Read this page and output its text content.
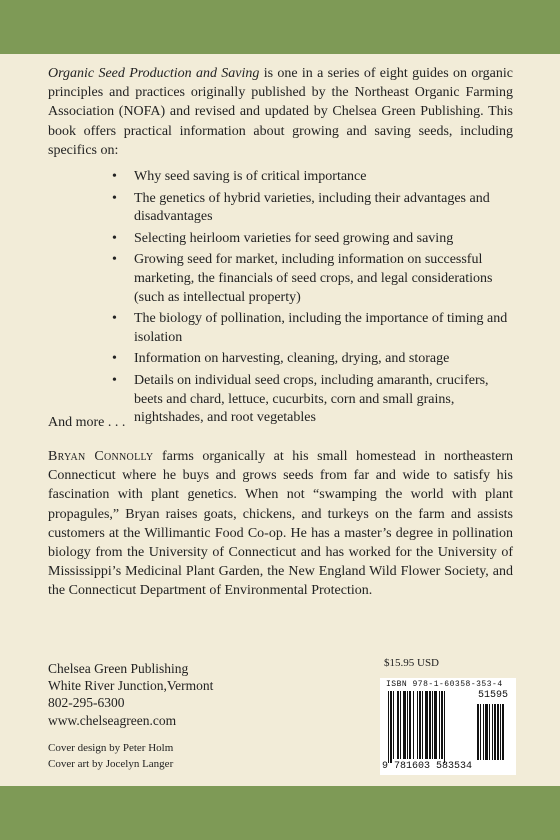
Organic Seed Production and Saving is one in a series of eight guides on organic principles and practices originally published by the Northeast Organic Farming Association (NOFA) and revised and updated by Chelsea Green Publishing. This book offers practical information about growing and saving seeds, including specifics on:

• Why seed saving is of critical importance
• The genetics of hybrid varieties, including their advantages and disadvantages
• Selecting heirloom varieties for seed growing and saving
• Growing seed for market, including information on successful marketing, the financials of seed crops, and legal considerations (such as intellectual property)
• The biology of pollination, including the importance of timing and isolation
• Information on harvesting, cleaning, drying, and storage
• Details on individual seed crops, including amaranth, crucifers, beets and chard, lettuce, cucurbits, corn and small grains, nightshades, and root vegetables

And more . . .

Bryan Connolly farms organically at his small homestead in northeastern Connecticut where he buys and grows seeds from far and wide to satisfy his fascination with plant genetics. When not “swamping the world with plant propagules,” Bryan raises goats, chickens, and turkeys on the farm and assists customers at the Willimantic Food Co-op. He has a master’s degree in pollination biology from the University of Connecticut and has worked for the University of Mississippi’s Medicinal Plant Garden, the New England Wild Flower Society, and the Connecticut Department of Environmental Protection.

Chelsea Green Publishing
White River Junction,Vermont
802-295-6300
www.chelseagreen.com
Cover design by Peter Holm
Cover art by Jocelyn Langer
$15.95 USD
ISBN 978-1-60358-353-4
9 781603 583534
51595
